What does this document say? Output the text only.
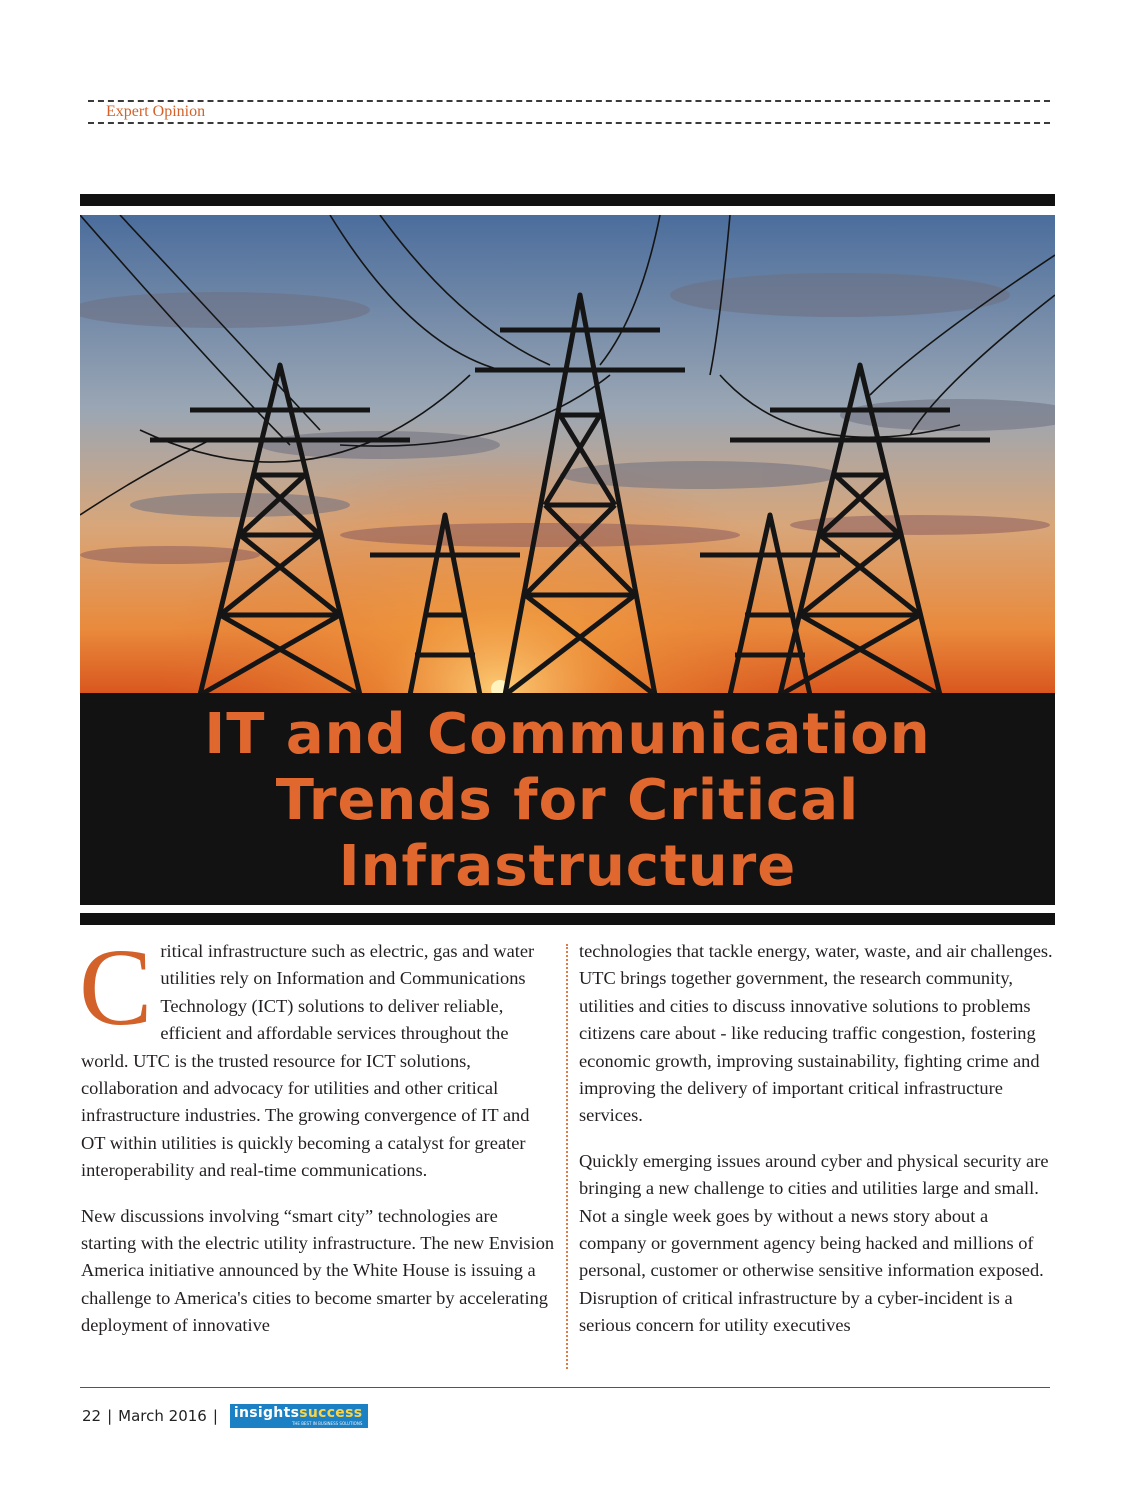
Expert Opinion
IT and Communication
Trends for Critical
Infrastructure

Critical infrastructure such as electric, gas and water utilities rely on Information and Communications Technology (ICT) solutions to deliver reliable, efficient and affordable services throughout the world. UTC is the trusted resource for ICT solutions, collaboration and advocacy for utilities and other critical infrastructure industries. The growing convergence of IT and OT within utilities is quickly becoming a catalyst for greater interoperability and real-time communications.

New discussions involving “smart city” technologies are starting with the electric utility infrastructure. The new Envision America initiative announced by the White House is issuing a challenge to America's cities to become smarter by accelerating deployment of innovative

technologies that tackle energy, water, waste, and air challenges. UTC brings together government, the research community, utilities and cities to discuss innovative solutions to problems citizens care about - like reducing traffic congestion, fostering economic growth, improving sustainability, fighting crime and improving the delivery of important critical infrastructure services.

Quickly emerging issues around cyber and physical security are bringing a new challenge to cities and utilities large and small. Not a single week goes by without a news story about a company or government agency being hacked and millions of personal, customer or otherwise sensitive information exposed. Disruption of critical infrastructure by a cyber-incident is a serious concern for utility executives

22 | March 2016 | insightssuccess
THE BEST IN BUSINESS SOLUTIONS
